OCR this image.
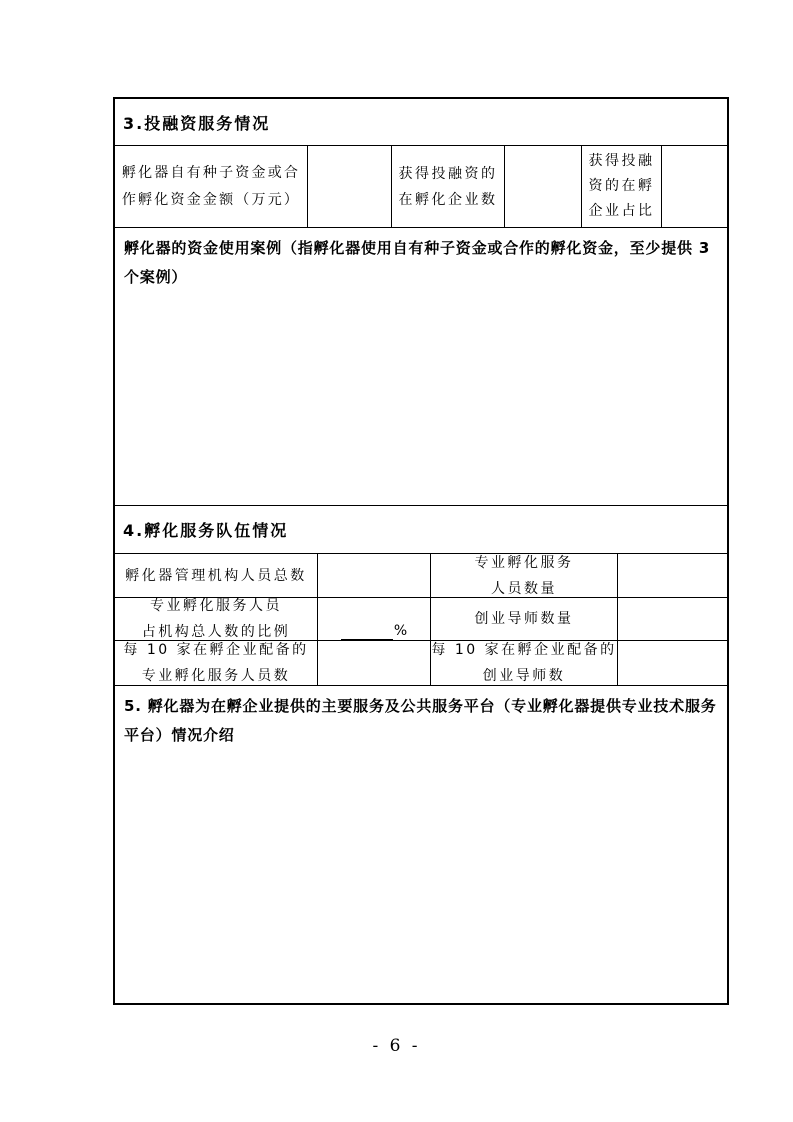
3.投融资服务情况
孵化器自有种子资金或合
作孵化资金金额（万元）
获得投融资的
在孵化企业数
获得投融
资的在孵
企业占比
孵化器的资金使用案例（指孵化器使用自有种子资金或合作的孵化资金，至少提供 3
个案例）
4.孵化服务队伍情况
孵化器管理机构人员总数
专业孵化服务
人员数量
专业孵化服务人员
占机构总人数的比例	%
创业导师数量
每 10 家在孵企业配备的
专业孵化服务人员数
每 10 家在孵企业配备的
创业导师数
5. 孵化器为在孵企业提供的主要服务及公共服务平台（专业孵化器提供专业技术服务
平台）情况介绍
- 6 -
